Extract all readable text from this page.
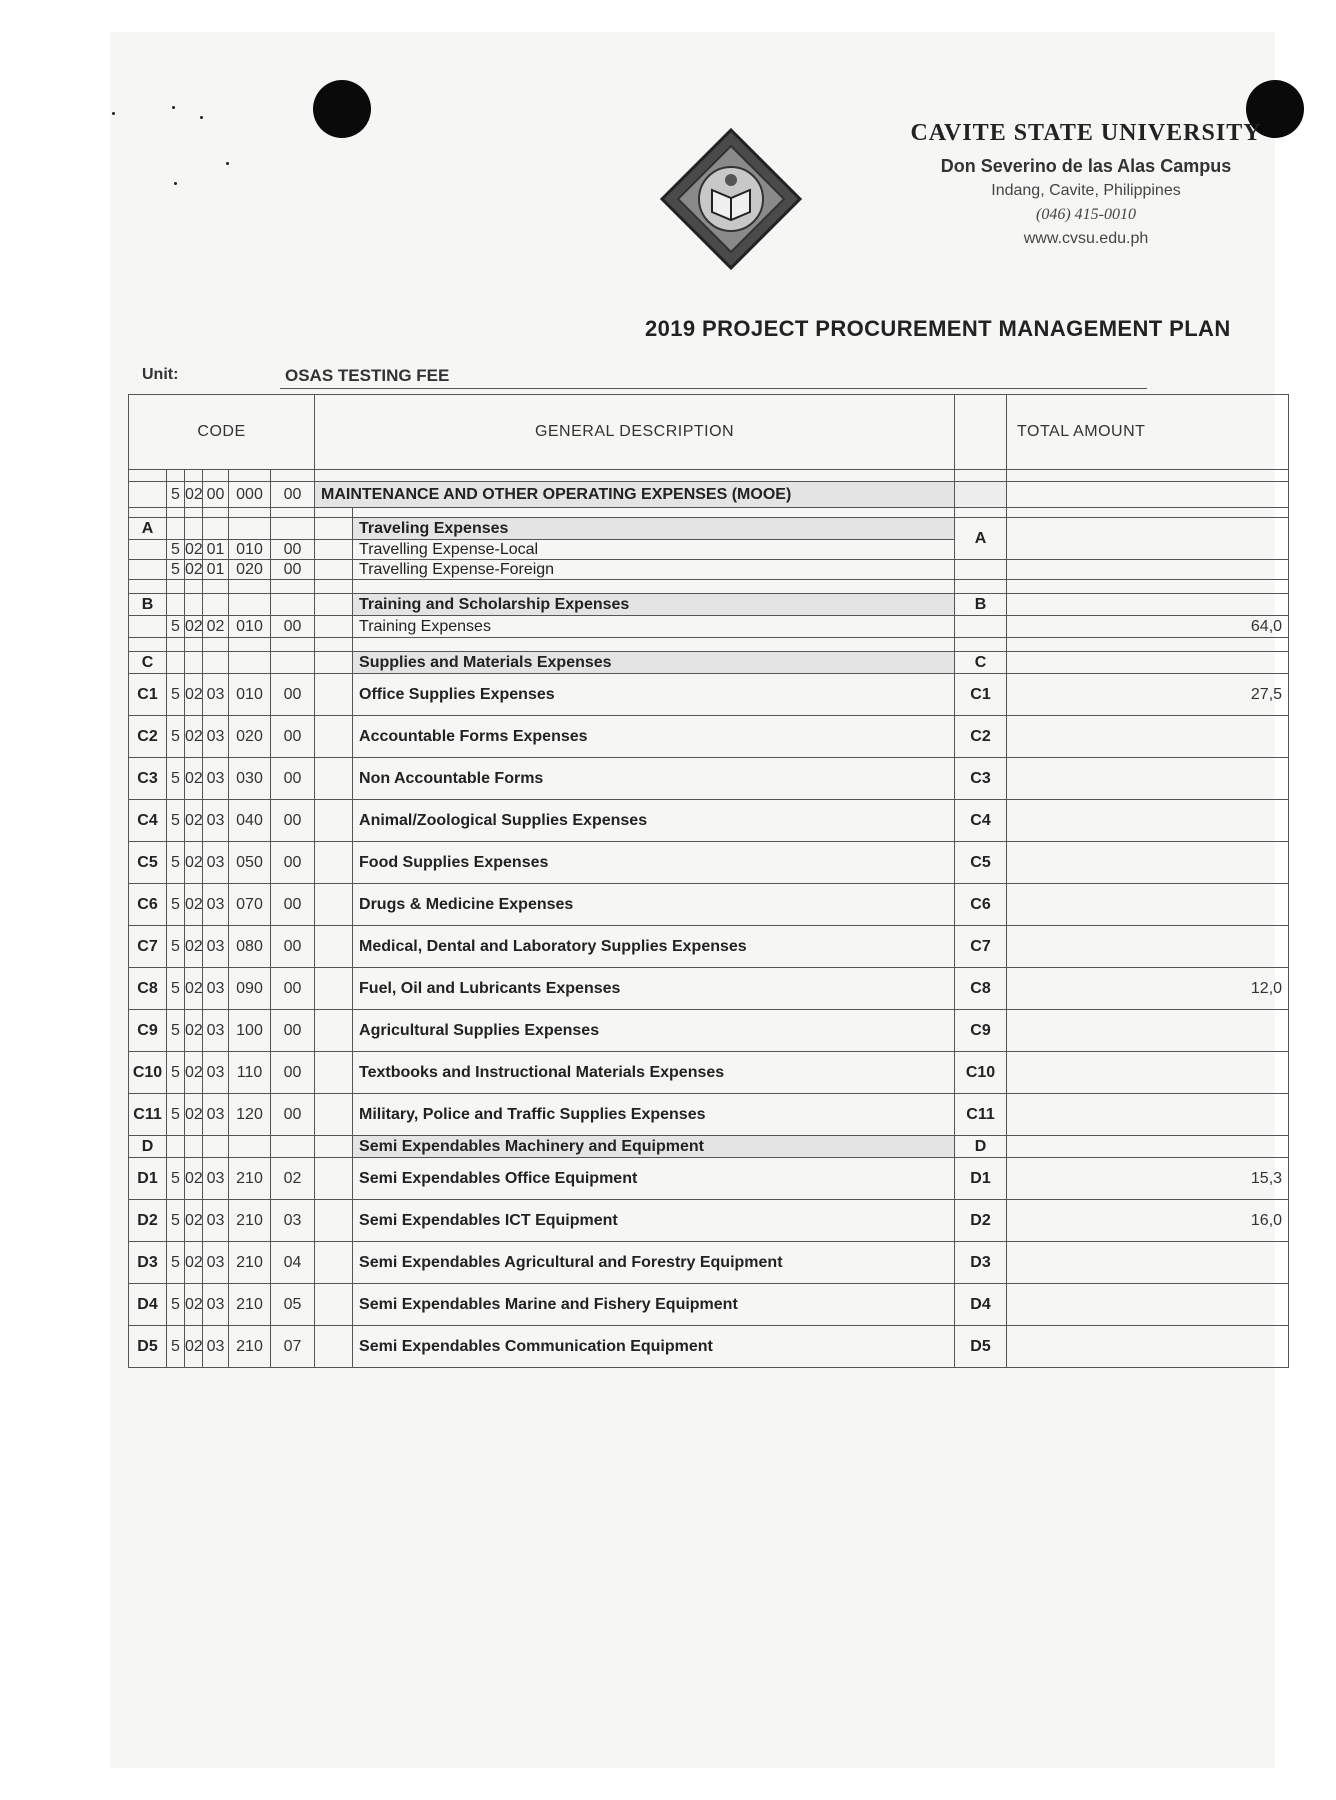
CAVITE STATE UNIVERSITY
Don Severino de las Alas Campus
Indang, Cavite, Philippines
(046) 415-0010
www.cvsu.edu.ph
2019 PROJECT PROCUREMENT MANAGEMENT PLAN
Unit:	OSAS TESTING FEE
CODE						GENERAL DESCRIPTION			TOTAL AMOUNT

	5	02	00	000	00	MAINTENANCE AND OTHER OPERATING EXPENSES (MOOE)			

A							Traveling Expenses	A	
	5	02	01	010	00		Travelling Expense-Local		
	5	02	01	020	00		Travelling Expense-Foreign		

B							Training and Scholarship Expenses	B	
	5	02	02	010	00		Training Expenses		64,0

C							Supplies and Materials Expenses	C	
C1	5	02	03	010	00		Office Supplies Expenses	C1	27,5
C2	5	02	03	020	00		Accountable Forms Expenses	C2	
C3	5	02	03	030	00		Non Accountable Forms	C3	
C4	5	02	03	040	00		Animal/Zoological Supplies Expenses	C4	
C5	5	02	03	050	00		Food Supplies Expenses	C5	
C6	5	02	03	070	00		Drugs & Medicine Expenses	C6	
C7	5	02	03	080	00		Medical, Dental and Laboratory Supplies Expenses	C7	
C8	5	02	03	090	00		Fuel, Oil and Lubricants Expenses	C8	12,0
C9	5	02	03	100	00		Agricultural Supplies Expenses	C9	
C10	5	02	03	110	00		Textbooks and Instructional Materials Expenses	C10	
C11	5	02	03	120	00		Military, Police and Traffic Supplies Expenses	C11	
D							Semi Expendables Machinery and Equipment	D	
D1	5	02	03	210	02		Semi Expendables Office Equipment	D1	15,3
D2	5	02	03	210	03		Semi Expendables ICT Equipment	D2	16,0
D3	5	02	03	210	04		Semi Expendables Agricultural and Forestry Equipment	D3	
D4	5	02	03	210	05		Semi Expendables Marine and Fishery Equipment	D4	
D5	5	02	03	210	07		Semi Expendables Communication Equipment	D5	
